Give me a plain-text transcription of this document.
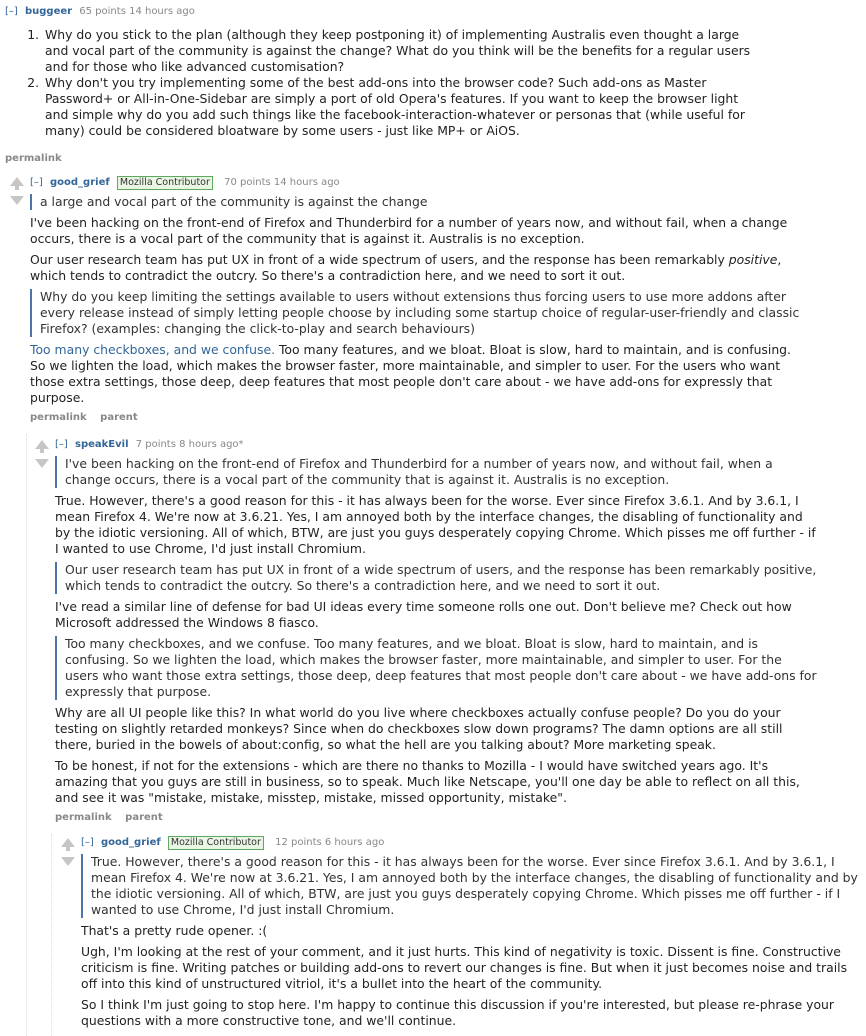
[–] buggeer 65 points 14 hours ago
1. Why do you stick to the plan (although they keep postponing it) of implementing Australis even thought a large and vocal part of the community is against the change? What do you think will be the benefits for a regular users and for those who like advanced customisation?
2. Why don't you try implementing some of the best add-ons into the browser code? Such add-ons as Master Password+ or All-in-One-Sidebar are simply a port of old Opera's features. If you want to keep the browser light and simple why do you add such things like the facebook-interaction-whatever or personas that (while useful for many) could be considered bloatware by some users - just like MP+ or AiOS.
permalink
[–] good_grief Mozilla Contributor 70 points 14 hours ago

a large and vocal part of the community is against the change

I've been hacking on the front-end of Firefox and Thunderbird for a number of years now, and without fail, when a change occurs, there is a vocal part of the community that is against it. Australis is no exception.

Our user research team has put UX in front of a wide spectrum of users, and the response has been remarkably positive, which tends to contradict the outcry. So there's a contradiction here, and we need to sort it out.

Why do you keep limiting the settings available to users without extensions thus forcing users to use more addons after every release instead of simply letting people choose by including some startup choice of regular-user-friendly and classic Firefox? (examples: changing the click-to-play and search behaviours)

Too many checkboxes, and we confuse. Too many features, and we bloat. Bloat is slow, hard to maintain, and is confusing. So we lighten the load, which makes the browser faster, more maintainable, and simpler to user. For the users who want those extra settings, those deep, deep features that most people don't care about - we have add-ons for expressly that purpose.

permalink parent
[–] speakEvil 7 points 8 hours ago*

I've been hacking on the front-end of Firefox and Thunderbird for a number of years now, and without fail, when a change occurs, there is a vocal part of the community that is against it. Australis is no exception.

True. However, there's a good reason for this - it has always been for the worse. Ever since Firefox 3.6.1. And by 3.6.1, I mean Firefox 4. We're now at 3.6.21. Yes, I am annoyed both by the interface changes, the disabling of functionality and by the idiotic versioning. All of which, BTW, are just you guys desperately copying Chrome. Which pisses me off further - if I wanted to use Chrome, I'd just install Chromium.

Our user research team has put UX in front of a wide spectrum of users, and the response has been remarkably positive, which tends to contradict the outcry. So there's a contradiction here, and we need to sort it out.

I've read a similar line of defense for bad UI ideas every time someone rolls one out. Don't believe me? Check out how Microsoft addressed the Windows 8 fiasco.

Too many checkboxes, and we confuse. Too many features, and we bloat. Bloat is slow, hard to maintain, and is confusing. So we lighten the load, which makes the browser faster, more maintainable, and simpler to user. For the users who want those extra settings, those deep, deep features that most people don't care about - we have add-ons for expressly that purpose.

Why are all UI people like this? In what world do you live where checkboxes actually confuse people? Do you do your testing on slightly retarded monkeys? Since when do checkboxes slow down programs? The damn options are all still there, buried in the bowels of about:config, so what the hell are you talking about? More marketing speak.

To be honest, if not for the extensions - which are there no thanks to Mozilla - I would have switched years ago. It's amazing that you guys are still in business, so to speak. Much like Netscape, you'll one day be able to reflect on all this, and see it was "mistake, mistake, misstep, mistake, missed opportunity, mistake".

permalink parent
[–] good_grief Mozilla Contributor 12 points 6 hours ago

True. However, there's a good reason for this - it has always been for the worse. Ever since Firefox 3.6.1. And by 3.6.1, I mean Firefox 4. We're now at 3.6.21. Yes, I am annoyed both by the interface changes, the disabling of functionality and by the idiotic versioning. All of which, BTW, are just you guys desperately copying Chrome. Which pisses me off further - if I wanted to use Chrome, I'd just install Chromium.

That's a pretty rude opener. :(

Ugh, I'm looking at the rest of your comment, and it just hurts. This kind of negativity is toxic. Dissent is fine. Constructive criticism is fine. Writing patches or building add-ons to revert our changes is fine. But when it just becomes noise and trails off into this kind of unstructured vitriol, it's a bullet into the heart of the community.

So I think I'm just going to stop here. I'm happy to continue this discussion if you're interested, but please re-phrase your questions with a more constructive tone, and we'll continue.
